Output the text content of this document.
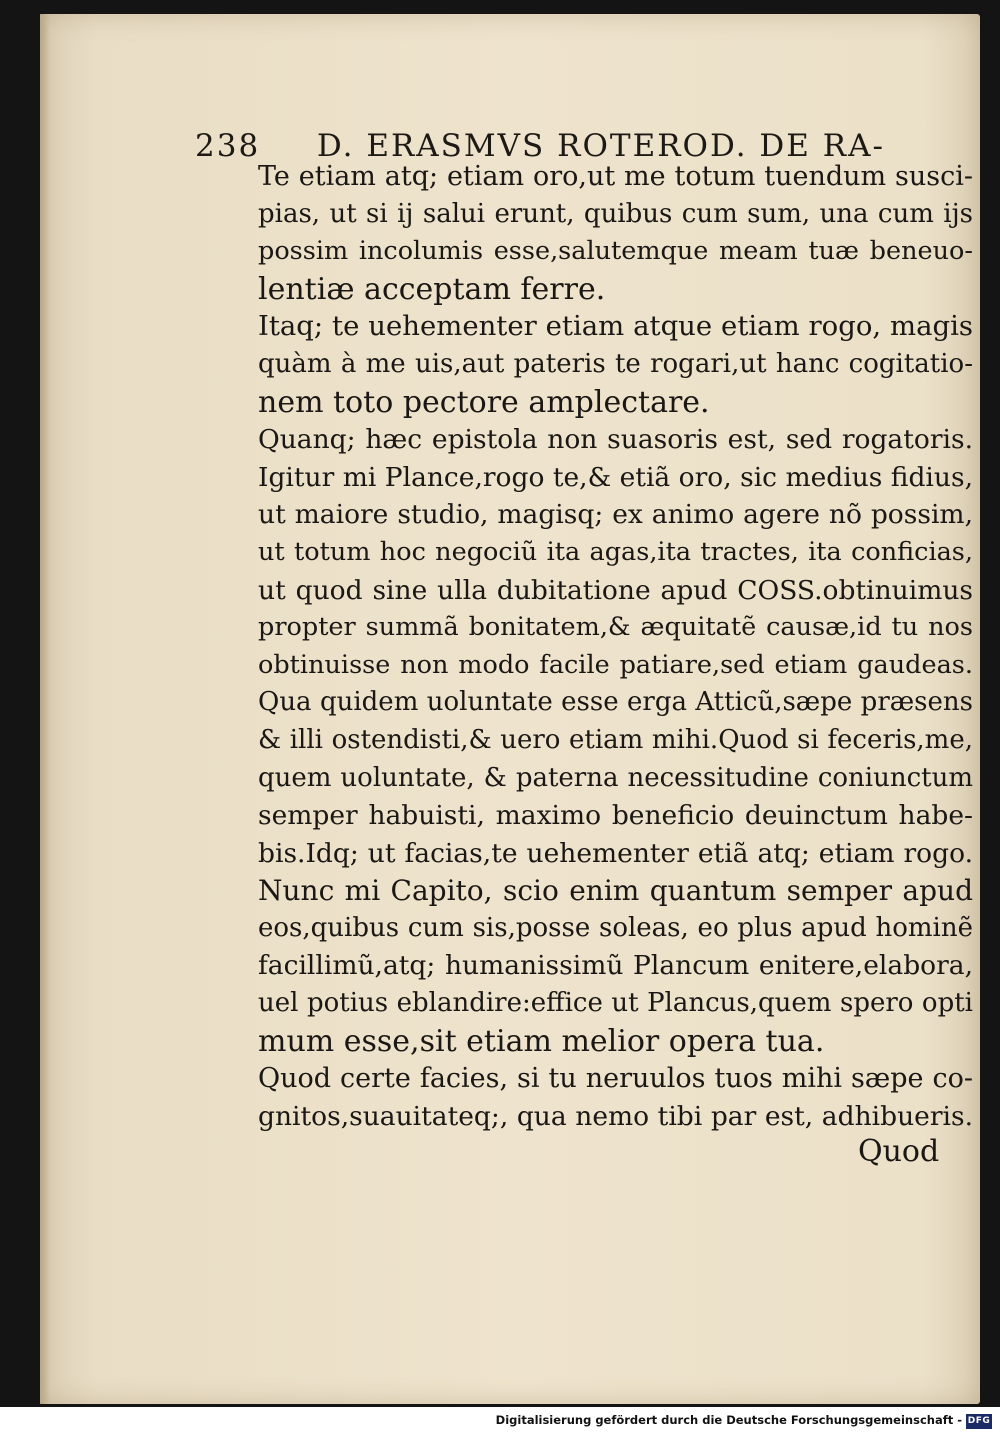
238 D. ERASMVS ROTEROD. DE RA-

Te etiam atq; etiam oro,ut me totum tuendum susci-
pias, ut si ij salui erunt, quibus cum sum, una cum ijs
possim incolumis esse,salutemque meam tuæ beneuo-
lentiæ acceptam ferre.

Itaq; te uehementer etiam atque etiam rogo, magis
quàm à me uis,aut pateris te rogari,ut hanc cogitatio-
nem toto pectore amplectare.

Quanq; hæc epistola non suasoris est, sed rogatoris.
Igitur mi Plance,rogo te,& etiã oro, sic medius fidius,
ut maiore studio, magisq; ex animo agere nõ possim,
ut totum hoc negociũ ita agas,ita tractes, ita conficias,
ut quod sine ulla dubitatione apud COSS.obtinuimus
propter summã bonitatem,& æquitatẽ causæ,id tu nos
obtinuisse non modo facile patiare,sed etiam gaudeas.
Qua quidem uoluntate esse erga Atticũ,sæpe præsens
& illi ostendisti,& uero etiam mihi.Quod si feceris,me,
quem uoluntate, & paterna necessitudine coniunctum
semper habuisti, maximo beneficio deuinctum habe-
bis.Idq; ut facias,te uehementer etiã atq; etiam rogo.

Nunc mi Capito, scio enim quantum semper apud
eos,quibus cum sis,posse soleas, eo plus apud hominẽ
facillimũ,atq; humanissimũ Plancum enitere,elabora,
uel potius eblandire:effice ut Plancus,quem spero opti
mum esse,sit etiam melior opera tua.

Quod certe facies, si tu neruulos tuos mihi sæpe co-
gnitos,suauitateq;, qua nemo tibi par est, adhibueris.

Quod
Digitalisierung gefördert durch die Deutsche Forschungsgemeinschaft - DFG
